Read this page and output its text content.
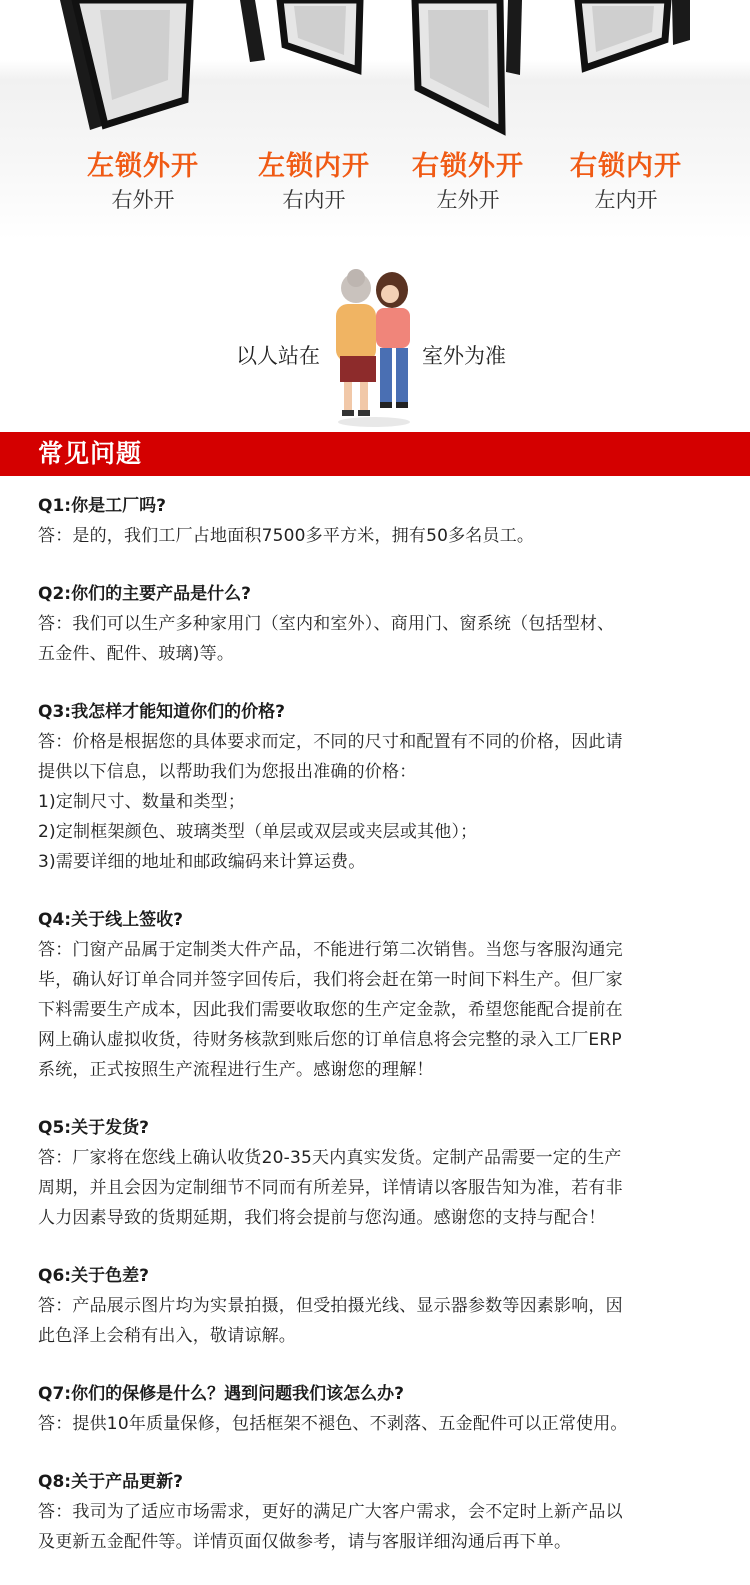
左锁外开
右外开
左锁内开
右内开
右锁外开
左外开
右锁内开
左内开
以人站在	室外为准
常见问题
Q1:你是工厂吗?
答：是的，我们工厂占地面积7500多平方米，拥有50多名员工。
Q2:你们的主要产品是什么?
答：我们可以生产多种家用门（室内和室外）、商用门、窗系统（包括型材、
五金件、配件、玻璃)等。
Q3:我怎样才能知道你们的价格?
答：价格是根据您的具体要求而定，不同的尺寸和配置有不同的价格，因此请
提供以下信息，以帮助我们为您报出准确的价格：
1)定制尺寸、数量和类型；
2)定制框架颜色、玻璃类型（单层或双层或夹层或其他）；
3)需要详细的地址和邮政编码来计算运费。
Q4:关于线上签收?
答：门窗产品属于定制类大件产品，不能进行第二次销售。当您与客服沟通完
毕，确认好订单合同并签字回传后，我们将会赶在第一时间下料生产。但厂家
下料需要生产成本，因此我们需要收取您的生产定金款，希望您能配合提前在
网上确认虚拟收货，待财务核款到账后您的订单信息将会完整的录入工厂ERP
系统，正式按照生产流程进行生产。感谢您的理解！
Q5:关于发货?
答：厂家将在您线上确认收货20-35天内真实发货。定制产品需要一定的生产
周期，并且会因为定制细节不同而有所差异，详情请以客服告知为准，若有非
人力因素导致的货期延期，我们将会提前与您沟通。感谢您的支持与配合！
Q6:关于色差?
答：产品展示图片均为实景拍摄，但受拍摄光线、显示器参数等因素影响，因
此色泽上会稍有出入，敬请谅解。
Q7:你们的保修是什么？遇到问题我们该怎么办?
答：提供10年质量保修，包括框架不褪色、不剥落、五金配件可以正常使用。
Q8:关于产品更新?
答：我司为了适应市场需求，更好的满足广大客户需求，会不定时上新产品以
及更新五金配件等。详情页面仅做参考，请与客服详细沟通后再下单。
